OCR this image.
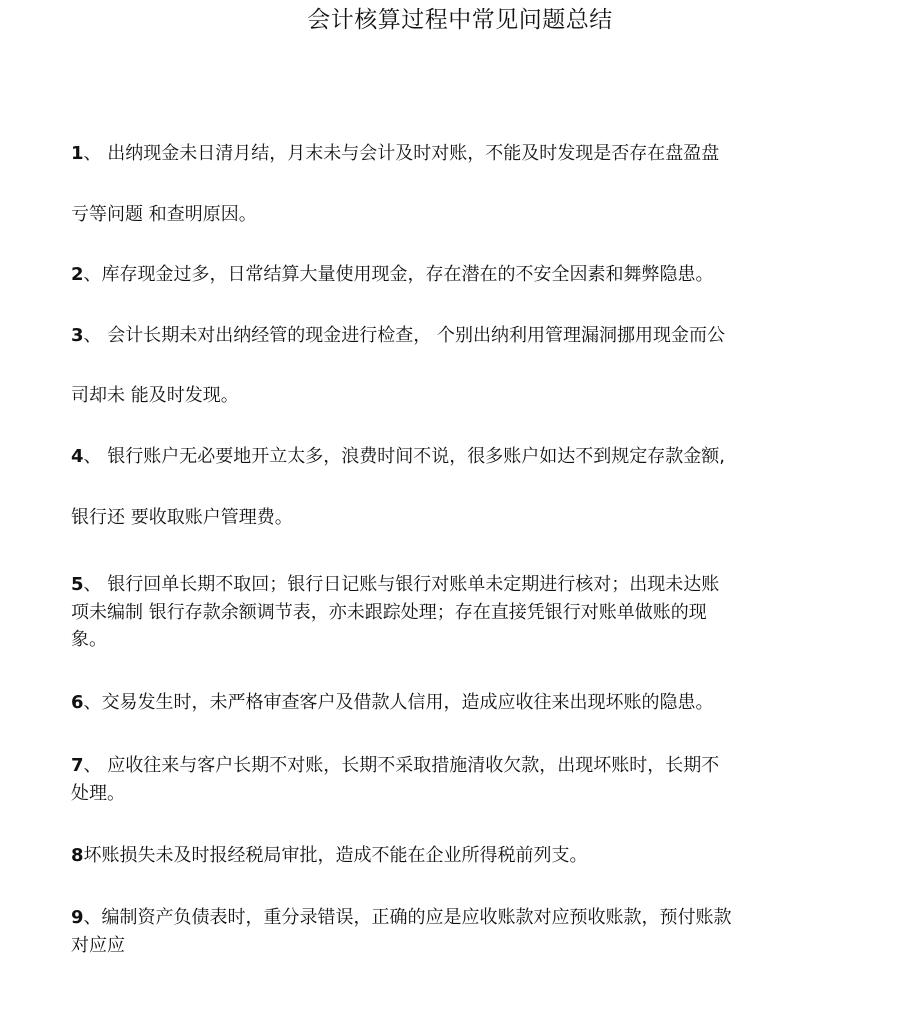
会计核算过程中常见问题总结

1、 出纳现金未日清月结，月末未与会计及时对账，不能及时发现是否存在盘盈盘

亏等问题 和查明原因。

2、库存现金过多，日常结算大量使用现金，存在潜在的不安全因素和舞弊隐患。

3、 会计长期未对出纳经管的现金进行检查， 个别出纳利用管理漏洞挪用现金而公

司却未 能及时发现。

4、 银行账户无必要地开立太多，浪费时间不说，很多账户如达不到规定存款金额,

银行还 要收取账户管理费。

5、 银行回单长期不取回；银行日记账与银行对账单未定期进行核对；出现未达账

项未编制 银行存款余额调节表，亦未跟踪处理；存在直接凭银行对账单做账的现

象。

6、交易发生时，未严格审查客户及借款人信用，造成应收往来出现坏账的隐患。

7、 应收往来与客户长期不对账，长期不采取措施清收欠款，出现坏账时，长期不

处理。

8坏账损失未及时报经税局审批，造成不能在企业所得税前列支。

9、编制资产负债表时，重分录错误，正确的应是应收账款对应预收账款，预付账款

对应应
